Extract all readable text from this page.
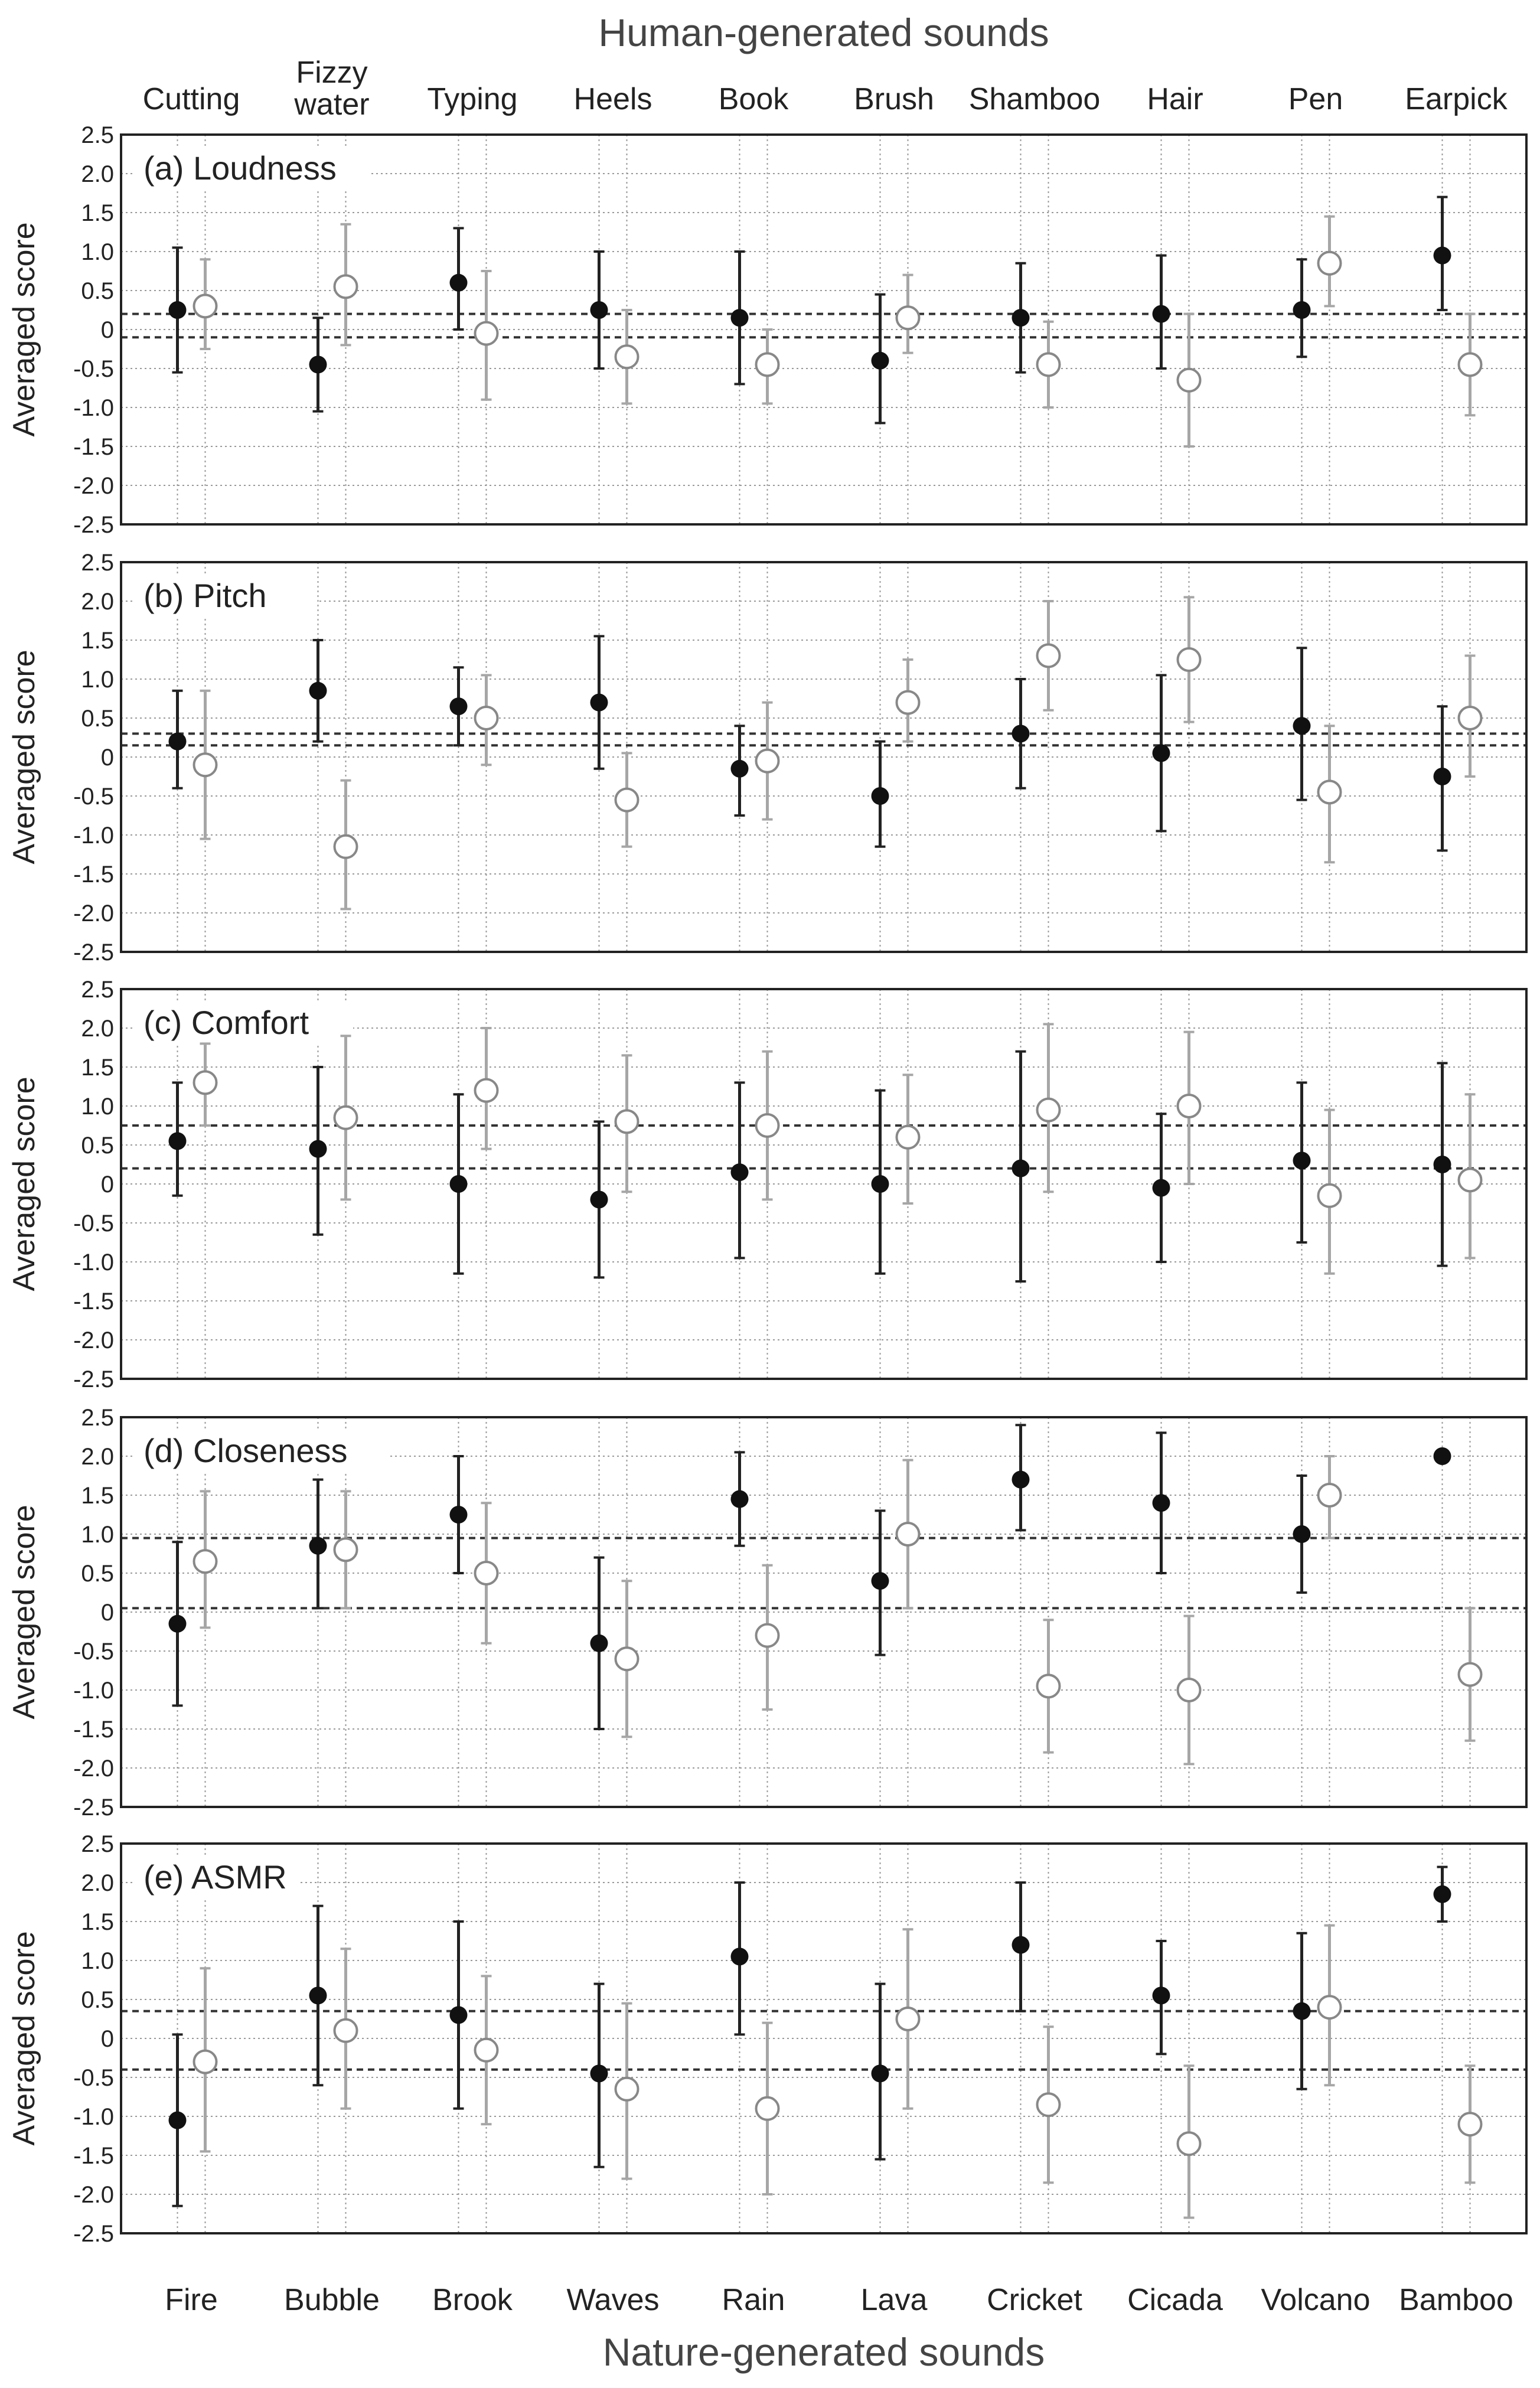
Human-generated sounds
Cutting
Fizzy water Typing Heels Book Brush Shamboo Hair	Pen Earpick
2.5
2.0
1.5
1.0
0.5
0
-0.5
-1.0
-1.5
-2.0
-2.5
Averaged score
(a) Loudness
2.5
2.0
1.5
1.0
0.5
0
-0.5
-1.0
-1.5
-2.0
-2.5
Averaged score
(b) Pitch
2.5
2.0
1.5
1.0
0.5
0
-0.5
-1.0
-1.5
-2.0
-2.5
Averaged score
(c) Comfort
2.5
2.0
1.5
1.0
0.5
0
-0.5
-1.0
-1.5
-2.0
-2.5
Averaged score
(d) Closeness
2.5
2.0
1.5
1.0
0.5
0
-0.5
-1.0
-1.5
-2.0
-2.5
Averaged score
(e) ASMR
Fire Bubble Brook Waves Rain Lava Cricket Cicada Volcano Bamboo
Nature-generated sounds
